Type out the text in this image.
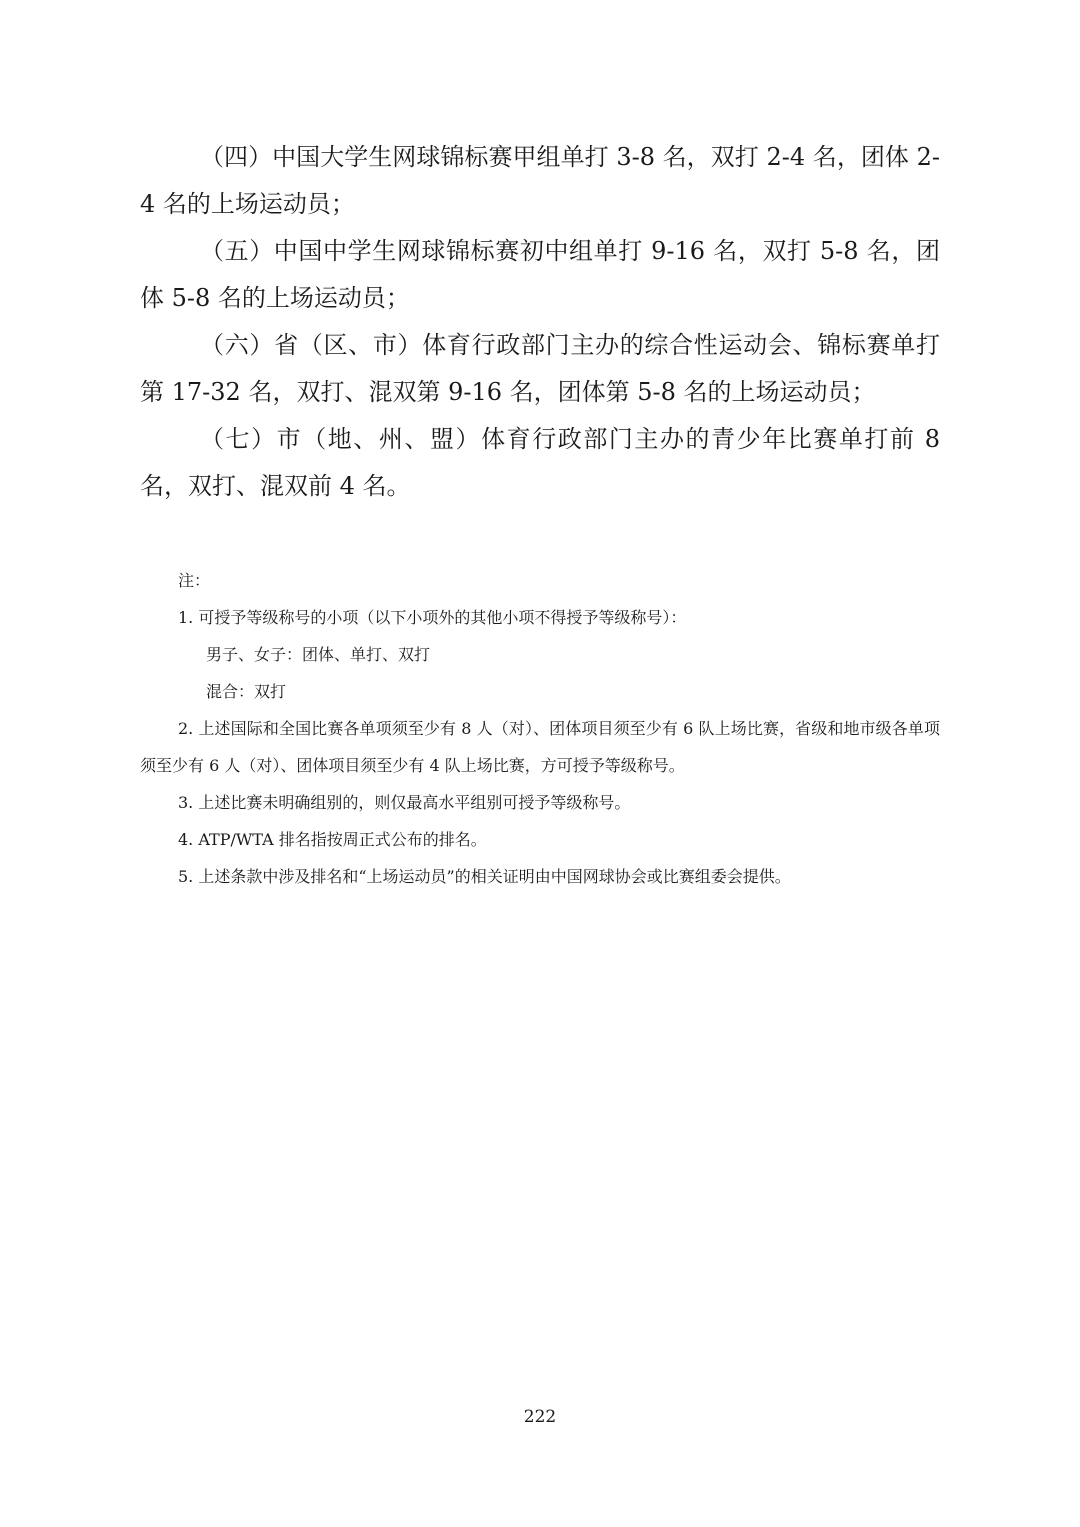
（四）中国大学生网球锦标赛甲组单打 3-8 名，双打 2-4 名，团体 2-4 名的上场运动员；

（五）中国中学生网球锦标赛初中组单打 9-16 名，双打 5-8 名，团体 5-8 名的上场运动员；

（六）省（区、市）体育行政部门主办的综合性运动会、锦标赛单打第 17-32 名，双打、混双第 9-16 名，团体第 5-8 名的上场运动员；

（七）市（地、州、盟）体育行政部门主办的青少年比赛单打前 8 名，双打、混双前 4 名。

注：

1. 可授予等级称号的小项（以下小项外的其他小项不得授予等级称号）：

男子、女子：团体、单打、双打

混合：双打

2. 上述国际和全国比赛各单项须至少有 8 人（对）、团体项目须至少有 6 队上场比赛，省级和地市级各单项须至少有 6 人（对）、团体项目须至少有 4 队上场比赛，方可授予等级称号。

3. 上述比赛未明确组别的，则仅最高水平组别可授予等级称号。

4. ATP/WTA 排名指按周正式公布的排名。

5. 上述条款中涉及排名和“上场运动员”的相关证明由中国网球协会或比赛组委会提供。

222
